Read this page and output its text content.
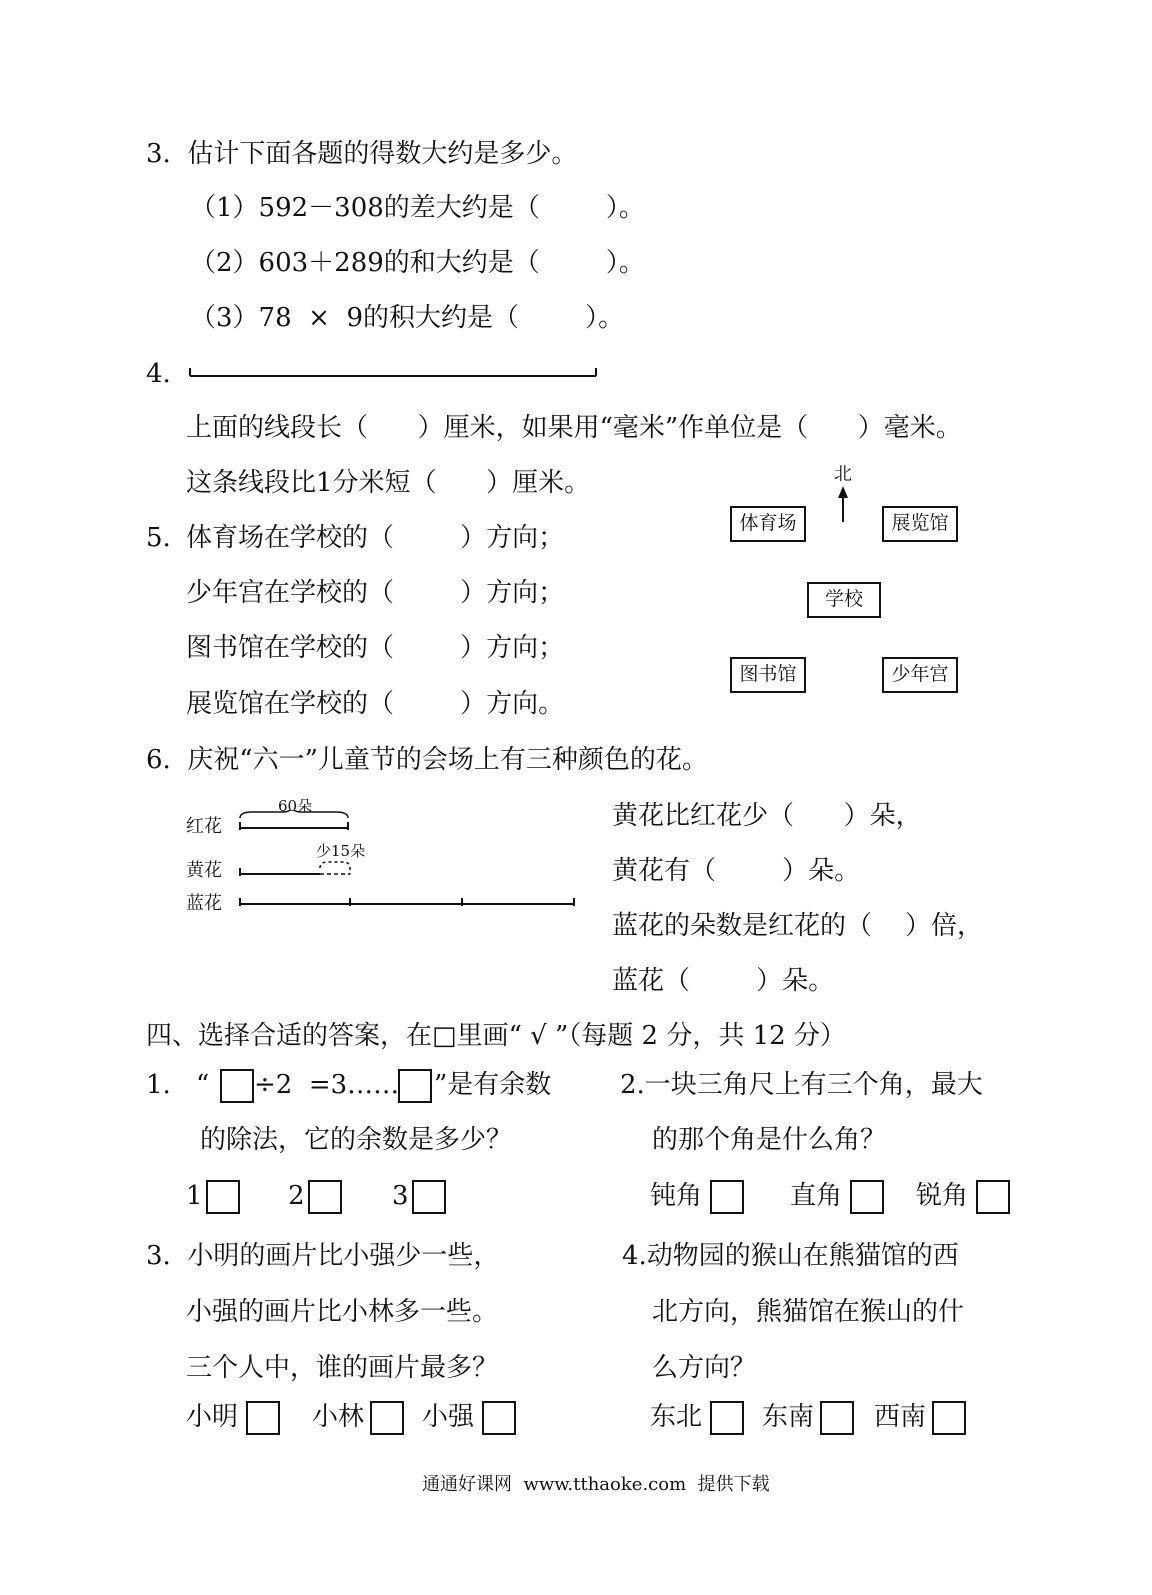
3.  估计下面各题的得数大约是多少。
（1）592－308的差大约是（        ）。
（2）603＋289的和大约是（        ）。
（3）78  ×  9的积大约是（        ）。
4.
上面的线段长（      ）厘米，如果用“毫米”作单位是（      ）毫米。
这条线段比1分米短（      ）厘米。
5. 体育场在学校的（        ）方向；
少年宫在学校的（        ）方向；
图书馆在学校的（        ）方向；
展览馆在学校的（        ）方向。
北
体育场	展览馆
学校
图书馆	少年宫
6.  庆祝“六一”儿童节的会场上有三种颜色的花。
60朵
红花
少15朵
黄花
蓝花
黄花比红花少（      ）朵，
黄花有（        ）朵。
蓝花的朵数是红花的（    ）倍，
蓝花（        ）朵。
四、选择合适的答案，在□里画“ √ ”（每题 2 分，共 12 分）
1. “ ÷2  =3…… ”是有余数
的除法，它的余数是多少？
1	2	3
2.一块三角尺上有三个角，最大
的那个角是什么角？
钝角	直角	锐角
3.  小明的画片比小强少一些，
小强的画片比小林多一些。
三个人中，谁的画片最多？
小明	小林 小强
4.动物园的猴山在熊猫馆的西
北方向，熊猫馆在猴山的什
么方向？
东北 东南 西南
通通好课网  www.tthaoke.com  提供下载
